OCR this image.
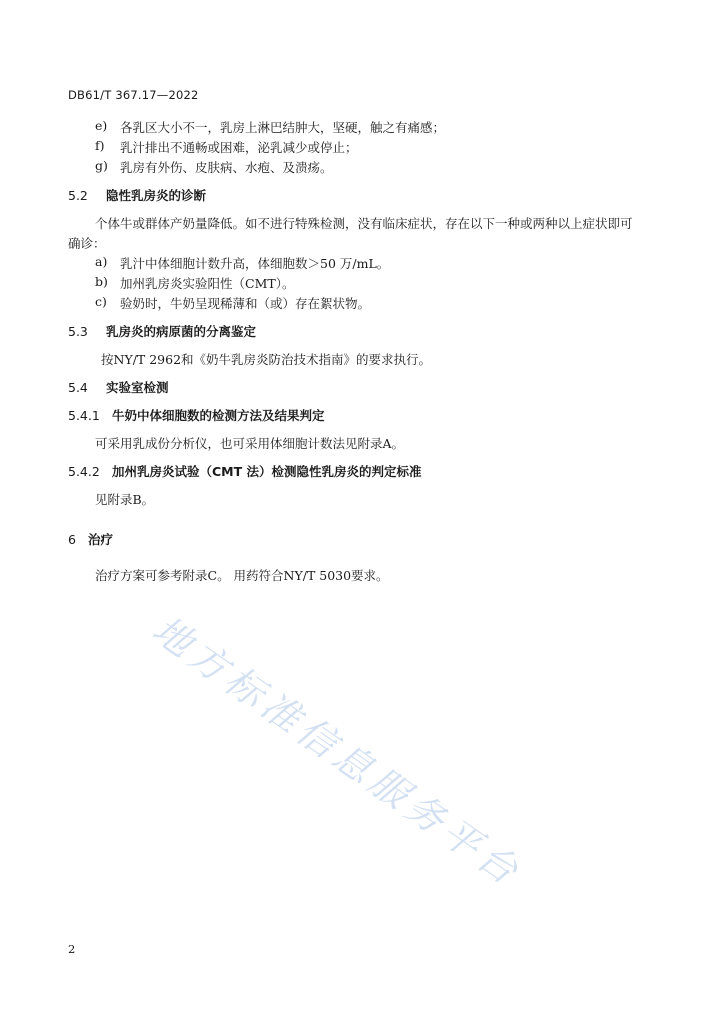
DB61/T 367.17—2022
e) 各乳区大小不一，乳房上淋巴结肿大，坚硬，触之有痛感；
f) 乳汁排出不通畅或困难，泌乳减少或停止；
g) 乳房有外伤、皮肤病、水疱、及溃疡。
5.2 隐性乳房炎的诊断
个体牛或群体产奶量降低。如不进行特殊检测，没有临床症状，存在以下一种或两种以上症状即可
确诊：
a) 乳汁中体细胞计数升高，体细胞数＞50 万/mL。
b) 加州乳房炎实验阳性（CMT）。
c) 验奶时，牛奶呈现稀薄和（或）存在絮状物。
5.3 乳房炎的病原菌的分离鉴定
按NY/T 2962和《奶牛乳房炎防治技术指南》的要求执行。
5.4 实验室检测
5.4.1 牛奶中体细胞数的检测方法及结果判定
可采用乳成份分析仪，也可采用体细胞计数法见附录A。
5.4.2 加州乳房炎试验（CMT 法）检测隐性乳房炎的判定标准
见附录B。
6 治疗
治疗方案可参考附录C。 用药符合NY/T 5030要求。
地方标准信息服务平台
2
